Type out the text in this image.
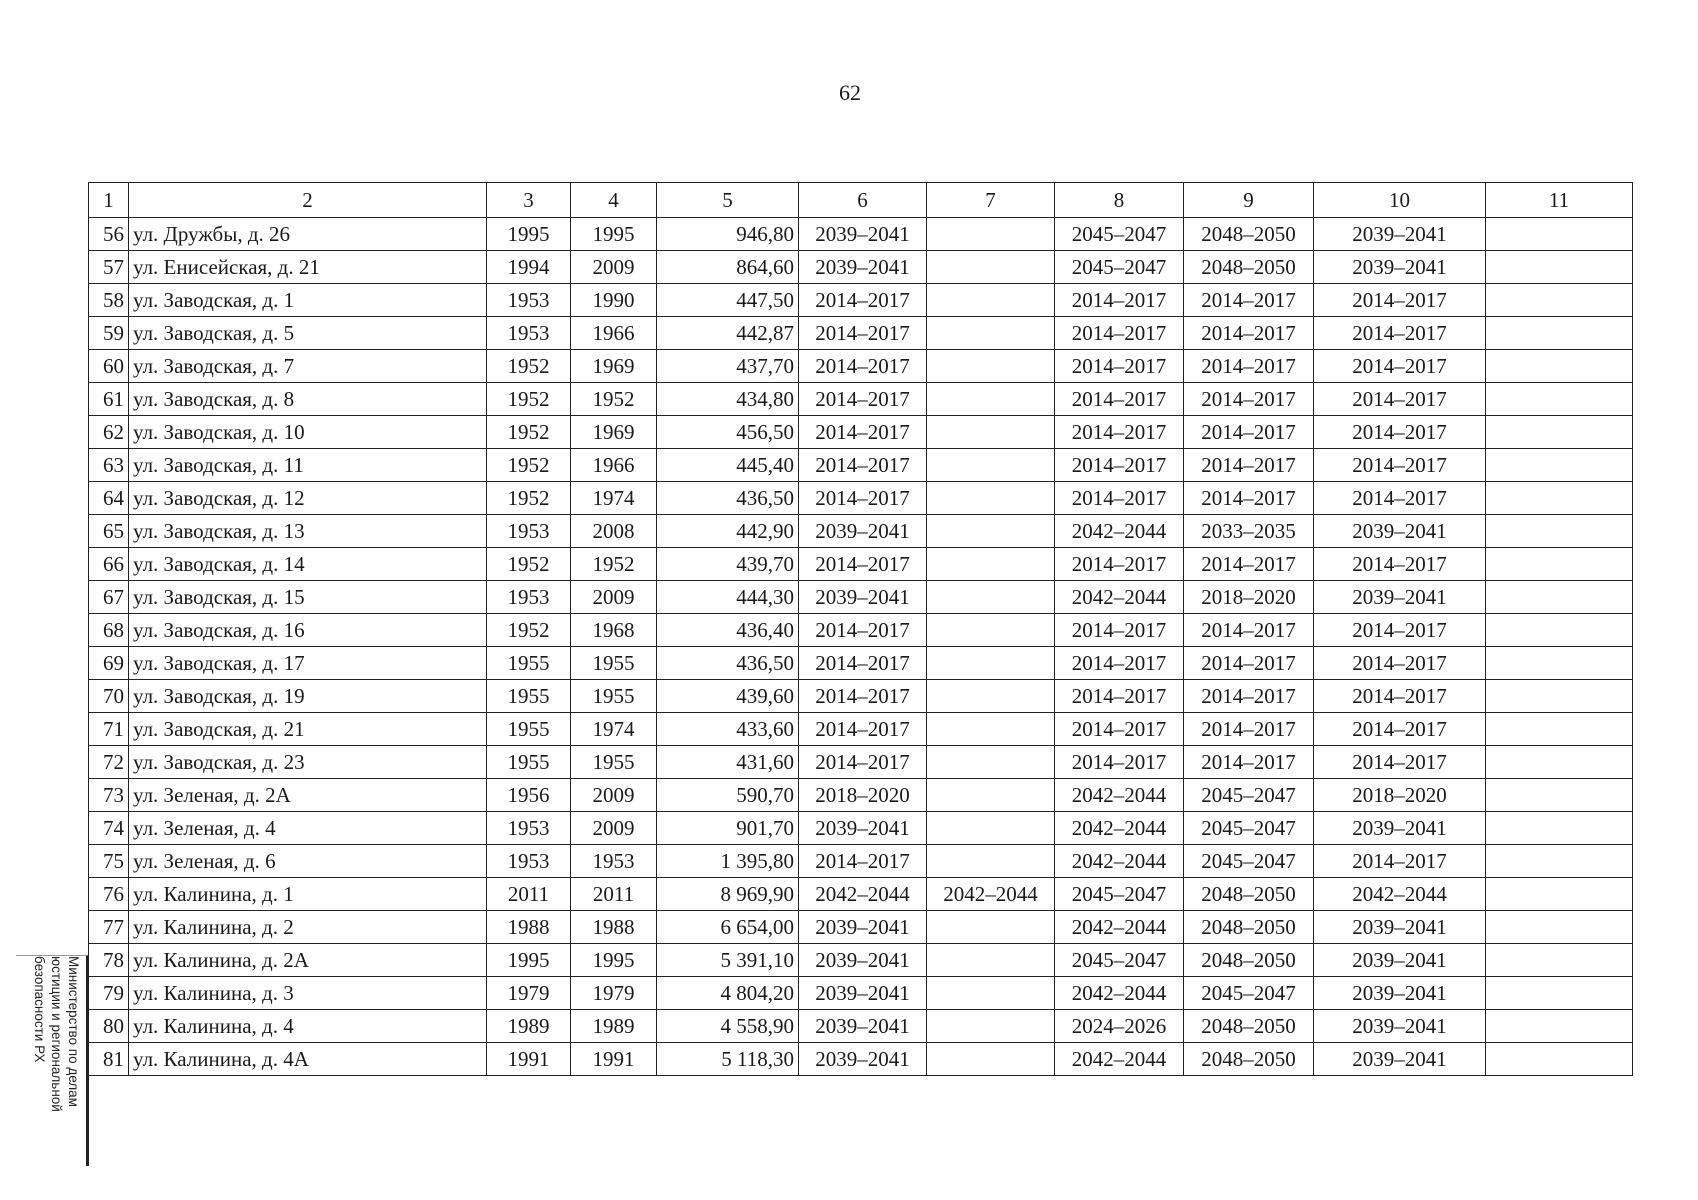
62
1	2	3	4	5	6	7	8	9	10	11
56	ул. Дружбы, д. 26	1995	1995	946,80	2039–2041		2045–2047	2048–2050	2039–2041	
57	ул. Енисейская, д. 21	1994	2009	864,60	2039–2041		2045–2047	2048–2050	2039–2041	
58	ул. Заводская, д. 1	1953	1990	447,50	2014–2017		2014–2017	2014–2017	2014–2017	
59	ул. Заводская, д. 5	1953	1966	442,87	2014–2017		2014–2017	2014–2017	2014–2017	
60	ул. Заводская, д. 7	1952	1969	437,70	2014–2017		2014–2017	2014–2017	2014–2017	
61	ул. Заводская, д. 8	1952	1952	434,80	2014–2017		2014–2017	2014–2017	2014–2017	
62	ул. Заводская, д. 10	1952	1969	456,50	2014–2017		2014–2017	2014–2017	2014–2017	
63	ул. Заводская, д. 11	1952	1966	445,40	2014–2017		2014–2017	2014–2017	2014–2017	
64	ул. Заводская, д. 12	1952	1974	436,50	2014–2017		2014–2017	2014–2017	2014–2017	
65	ул. Заводская, д. 13	1953	2008	442,90	2039–2041		2042–2044	2033–2035	2039–2041	
66	ул. Заводская, д. 14	1952	1952	439,70	2014–2017		2014–2017	2014–2017	2014–2017	
67	ул. Заводская, д. 15	1953	2009	444,30	2039–2041		2042–2044	2018–2020	2039–2041	
68	ул. Заводская, д. 16	1952	1968	436,40	2014–2017		2014–2017	2014–2017	2014–2017	
69	ул. Заводская, д. 17	1955	1955	436,50	2014–2017		2014–2017	2014–2017	2014–2017	
70	ул. Заводская, д. 19	1955	1955	439,60	2014–2017		2014–2017	2014–2017	2014–2017	
71	ул. Заводская, д. 21	1955	1974	433,60	2014–2017		2014–2017	2014–2017	2014–2017	
72	ул. Заводская, д. 23	1955	1955	431,60	2014–2017		2014–2017	2014–2017	2014–2017	
73	ул. Зеленая, д. 2А	1956	2009	590,70	2018–2020		2042–2044	2045–2047	2018–2020	
74	ул. Зеленая, д. 4	1953	2009	901,70	2039–2041		2042–2044	2045–2047	2039–2041	
75	ул. Зеленая, д. 6	1953	1953	1 395,80	2014–2017		2042–2044	2045–2047	2014–2017	
76	ул. Калинина, д. 1	2011	2011	8 969,90	2042–2044	2042–2044	2045–2047	2048–2050	2042–2044	
77	ул. Калинина, д. 2	1988	1988	6 654,00	2039–2041		2042–2044	2048–2050	2039–2041	
78	ул. Калинина, д. 2А	1995	1995	5 391,10	2039–2041		2045–2047	2048–2050	2039–2041	
79	ул. Калинина, д. 3	1979	1979	4 804,20	2039–2041		2042–2044	2045–2047	2039–2041	
80	ул. Калинина, д. 4	1989	1989	4 558,90	2039–2041		2024–2026	2048–2050	2039–2041	
81	ул. Калинина, д. 4А	1991	1991	5 118,30	2039–2041		2042–2044	2048–2050	2039–2041	
Министерство по делам
юстиции и региональной
безопасности РХ
